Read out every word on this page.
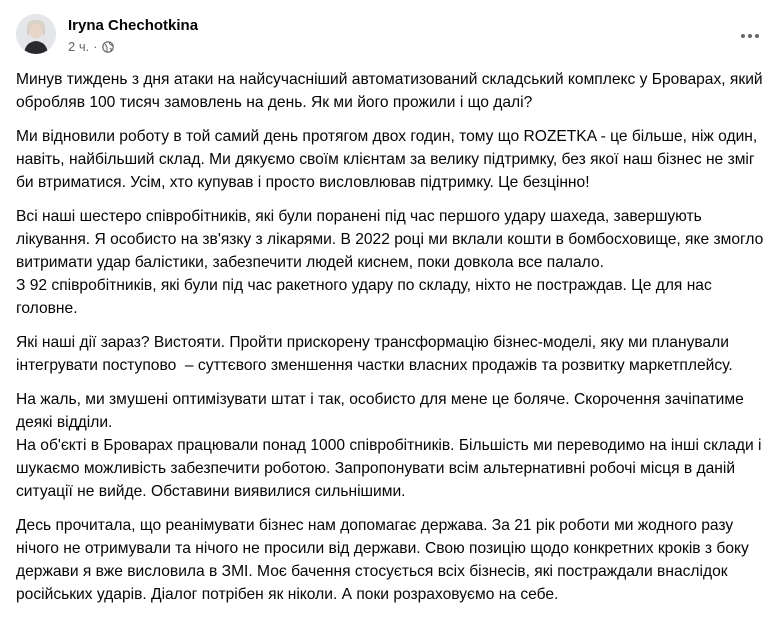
Iryna Chechotkina
2 ч. ·

Минув тиждень з дня атаки на найсучасніший автоматизований складський комплекс у Броварах, який обробляв 100 тисяч замовлень на день. Як ми його прожили і що далі?

Ми відновили роботу в той самий день протягом двох годин, тому що ROZETKA - це більше, ніж один, навіть, найбільший склад. Ми дякуємо своїм клієнтам за велику підтримку, без якої наш бізнес не зміг би втриматися. Усім, хто купував і просто висловлював підтримку. Це безцінно!

Всі наші шестеро співробітників, які були поранені під час першого удару шахеда, завершують лікування. Я особисто на зв'язку з лікарями. В 2022 році ми вклали кошти в бомбосховище, яке змогло витримати удар балістики, забезпечити людей киснем, поки довкола все палало.
З 92 співробітників, які були під час ракетного удару по складу, ніхто не постраждав. Це для нас головне.

Які наші дії зараз? Вистояти. Пройти прискорену трансформацію бізнес-моделі, яку ми планували інтегрувати поступово  – суттєвого зменшення частки власних продажів та розвитку маркетплейсу.

На жаль, ми змушені оптимізувати штат і так, особисто для мене це боляче. Скорочення зачіпатиме деякі відділи.
На об'єкті в Броварах працювали понад 1000 співробітників. Більшість ми переводимо на інші склади і шукаємо можливість забезпечити роботою. Запропонувати всім альтернативні робочі місця в даній ситуації не вийде. Обставини виявилися сильнішими.

Десь прочитала, що реанімувати бізнес нам допомагає держава. За 21 рік роботи ми жодного разу нічого не отримували та нічого не просили від держави. Свою позицію щодо конкретних кроків з боку держави я вже висловила в ЗМІ. Моє бачення стосується всіх бізнесів, які постраждали внаслідок російських ударів. Діалог потрібен як ніколи. А поки розраховуємо на себе.
